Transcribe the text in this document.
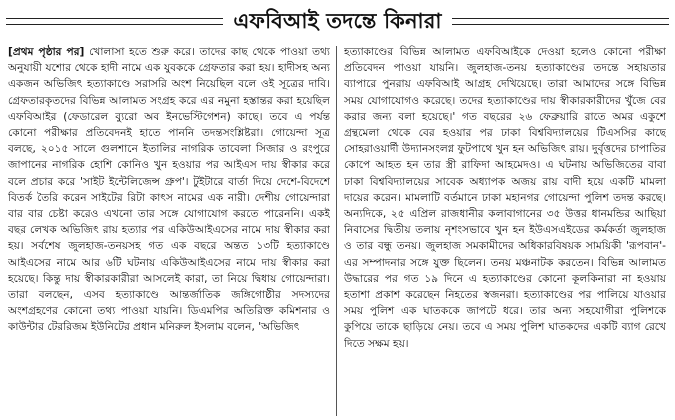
এফবিআই তদন্তে কিনারা

[প্রথম পৃষ্ঠার পর] খোলাসা হতে শুরু করে। তাদের কাছ থেকে পাওয়া তথ্য অনুযায়ী যশোর থেকে হাদী নামে এক যুবককে গ্রেফতার করা হয়। হাদীসহ অন্য একজন অভিজিৎ হত্যাকাণ্ডে সরাসরি অংশ নিয়েছিল বলে ওই সূত্রের দাবি। গ্রেফতারকৃতদের বিভিন্ন আলামত সংগ্রহ করে এর নমুনা হস্তান্তর করা হয়েছিল এফবিআইর (ফেডারেল ব্যুরো অব ইনভেস্টিগেশন) কাছে। তবে এ পর্যন্ত কোনো পরীক্ষার প্রতিবেদনই হাতে পাননি তদন্তসংশ্লিষ্টরা। গোয়েন্দা সূত্র বলছে, ২০১৫ সালে গুলশানে ইতালির নাগরিক তাবেলা সিজার ও রংপুরে জাপানের নাগরিক হোশি কোনিও খুন হওয়ার পর আইএস দায় স্বীকার করে বলে প্রচার করে 'সাইট ইন্টেলিজেন্স গ্রুপ'। টুইটারে বার্তা দিয়ে দেশে-বিদেশে বিতর্ক তৈরি করেন সাইটের রিটা কাৎস নামের এক নারী। দেশীয় গোয়েন্দারা বার বার চেষ্টা করেও এখনো তার সঙ্গে যোগাযোগ করতে পারেননি। একই বছর লেখক অভিজিৎ রায় হত্যার পর একিউআইএসের নামে দায় স্বীকার করা হয়। সর্বশেষ জুলহাজ-তনয়সহ গত এক বছরে অন্তত ১৩টি হত্যাকাণ্ডে আইএসের নামে আর ৬টি ঘটনায় একিউআইএসের নামে দায় স্বীকার করা হয়েছে। কিন্তু দায় স্বীকারকারীরা আসলেই কারা, তা নিয়ে দ্বিধায় গোয়েন্দারা। তারা বলছেন, এসব হত্যাকাণ্ডে আন্তর্জাতিক জঙ্গিগোষ্ঠীর সদস্যদের অংশগ্রহণের কোনো তথ্য পাওয়া যায়নি। ডিএমপির অতিরিক্ত কমিশনার ও কাউন্টার টেররিজম ইউনিটের প্রধান মনিরুল ইসলাম বলেন, 'অভিজিৎ

হত্যাকাণ্ডের বিভিন্ন আলামত এফবিআইকে দেওয়া হলেও কোনো পরীক্ষা প্রতিবেদন পাওয়া যায়নি। জুলহাজ-তনয় হত্যাকাণ্ডের তদন্তে সহায়তার ব্যাপারে পুনরায় এফবিআই আগ্রহ দেখিয়েছে। তারা আমাদের সঙ্গে বিভিন্ন সময় যোগাযোগও করেছে। তদের হত্যাকাণ্ডের দায় স্বীকারকারীদের খুঁজে বের করার জন্য বলা হয়েছে।' গত বছরের ২৬ ফেব্রুয়ারি রাতে অমর একুশে গ্রন্থমেলা থেকে বের হওয়ার পর ঢাকা বিশ্ববিদ্যালয়ের টিএসসির কাছে সোহরাওয়ার্দী উদ্যানসংলগ্ন ফুটপাথে খুন হন অভিজিৎ রায়। দুর্বৃত্তদের চাপাতির কোপে আহত হন তার স্ত্রী রাফিদা আহমেদও। এ ঘটনায় অভিজিতের বাবা ঢাকা বিশ্ববিদ্যালয়ের সাবেক অধ্যাপক অজয় রায় বাদী হয়ে একটি মামলা দায়ের করেন। মামলাটি বর্তমানে ঢাকা মহানগর গোয়েন্দা পুলিশ তদন্ত করছে। অন্যদিকে, ২৫ এপ্রিল রাজধানীর কলাবাগানের ৩৫ উত্তর ধানমন্ডির আছিয়া নিবাসের দ্বিতীয় তলায় নৃশংসভাবে খুন হন ইউএসএইডের কর্মকর্তা জুলহাজ ও তার বন্ধু তনয়। জুলহাজ সমকামীদের অধিকারবিষয়ক সাময়িকী 'রূপবান'-এর সম্পাদনার সঙ্গে যুক্ত ছিলেন। তনয় মঞ্চনাটক করতেন। বিভিন্ন আলামত উদ্ধারের পর গত ১৯ দিনে এ হত্যাকাণ্ডের কোনো কূলকিনারা না হওয়ায় হতাশা প্রকাশ করেছেন নিহতের স্বজনরা। হত্যাকাণ্ডের পর পালিয়ে যাওয়ার সময় পুলিশ এক ঘাতককে জাপটে ধরে। তার অন্য সহযোগীরা পুলিশকে কুপিয়ে তাকে ছাড়িয়ে নেয়। তবে এ সময় পুলিশ ঘাতকদের একটি ব্যাগ রেখে দিতে সক্ষম হয়।
